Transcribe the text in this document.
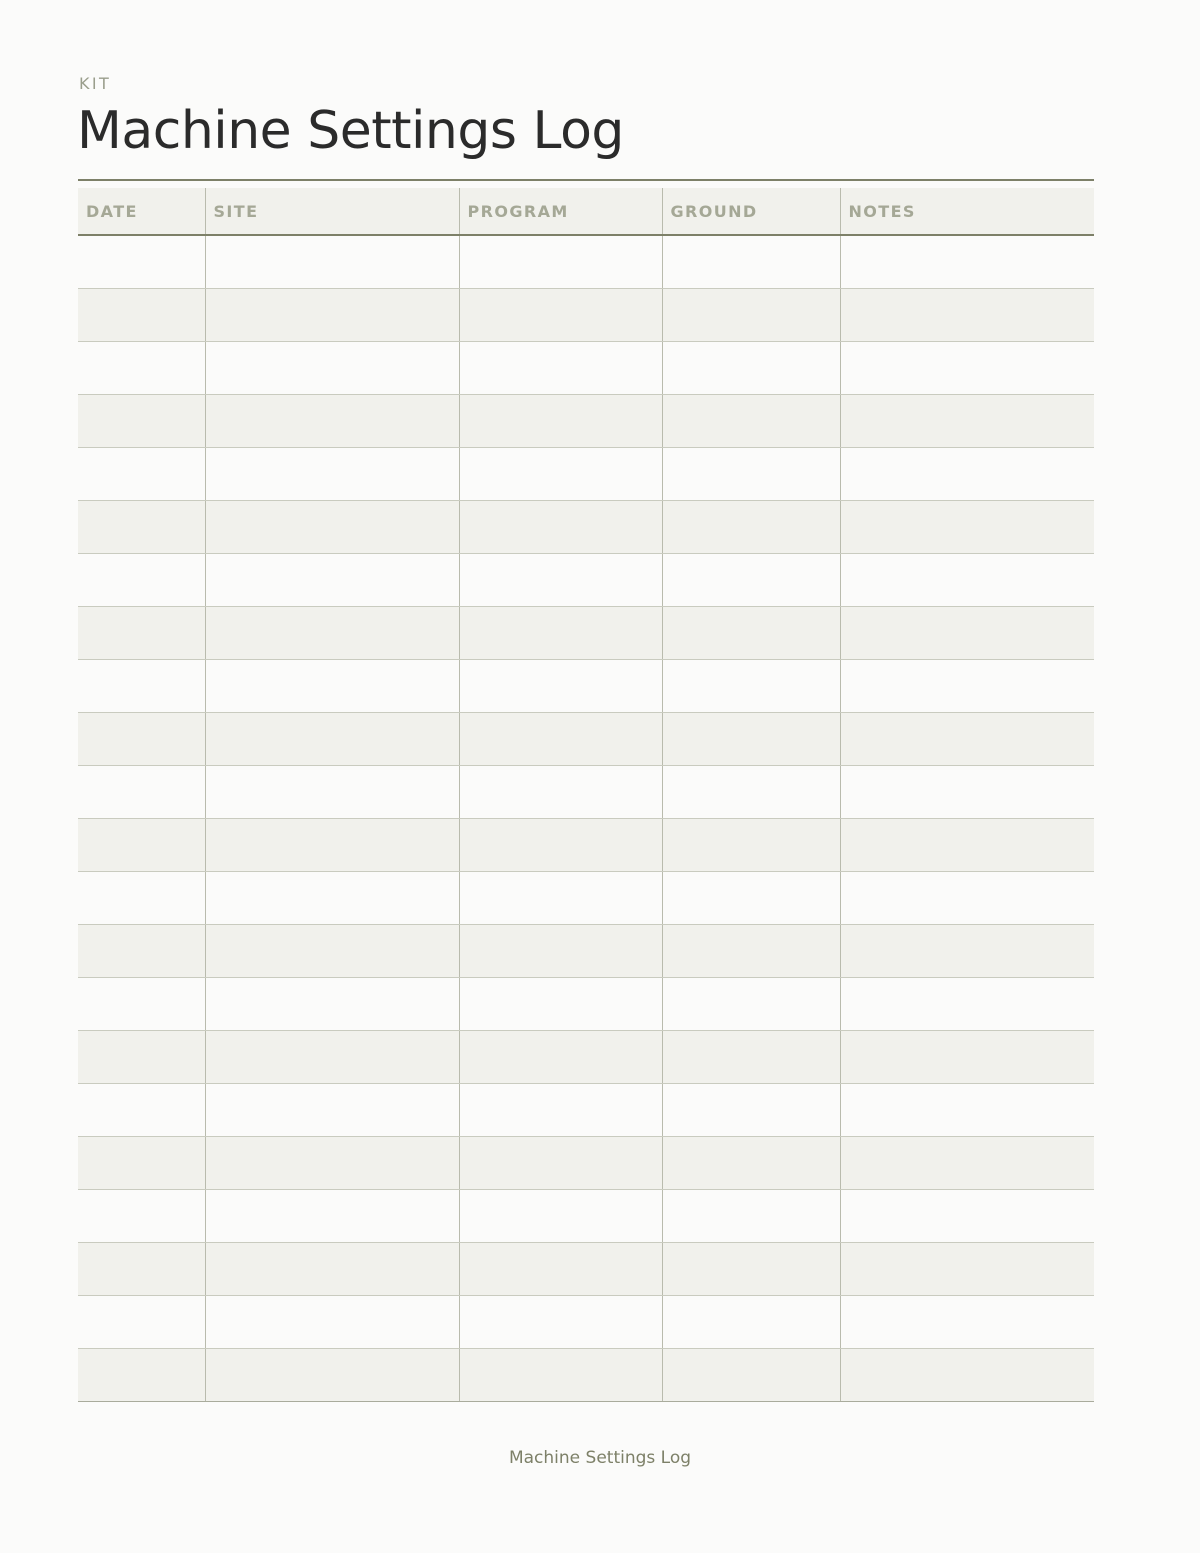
KIT
Machine Settings Log
DATE	SITE	PROGRAM	GROUND	NOTES

Machine Settings Log
